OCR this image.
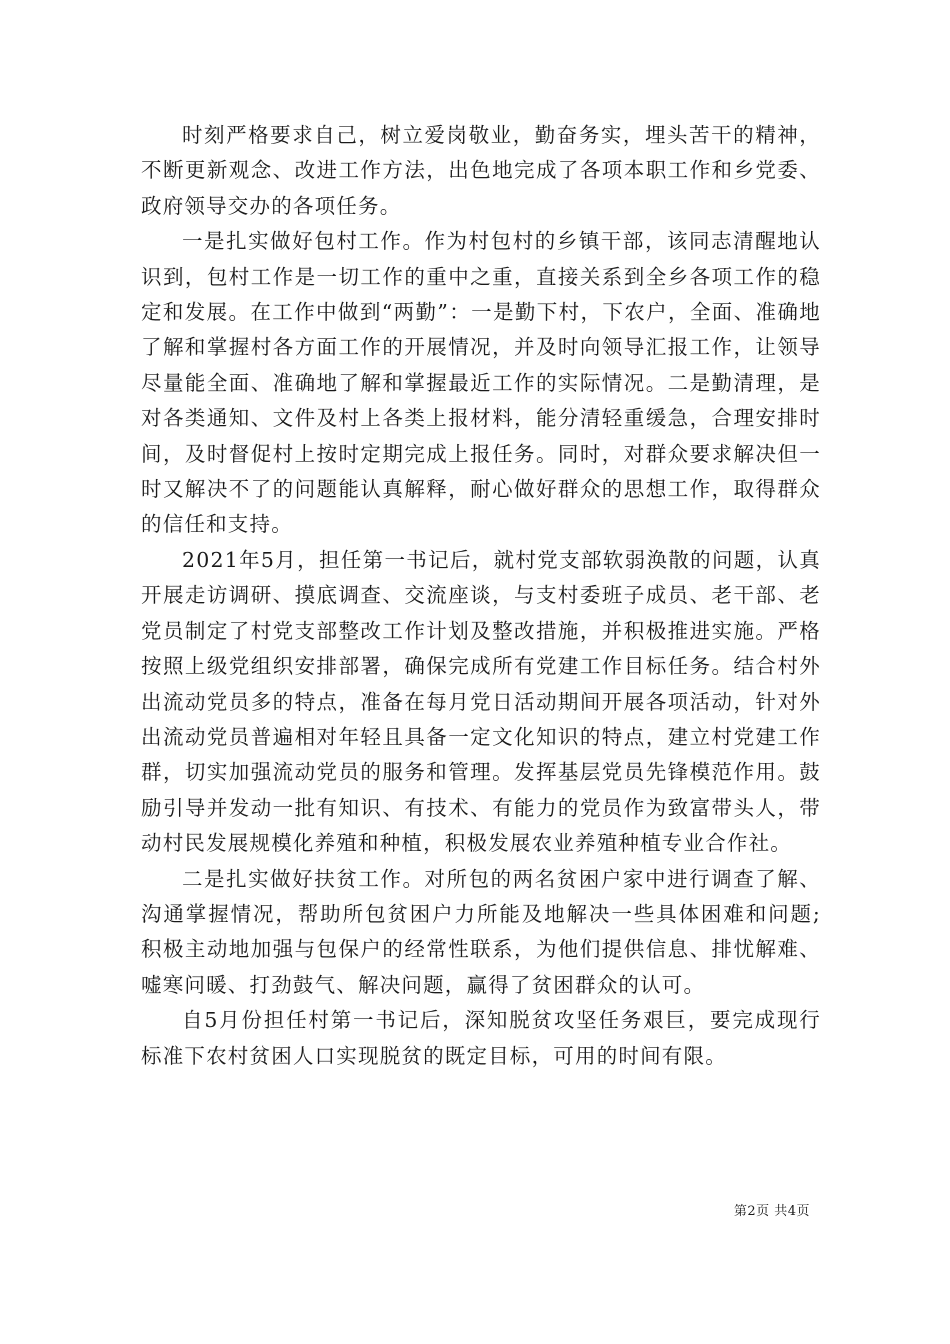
时刻严格要求自己，树立爱岗敬业，勤奋务实，埋头苦干的精神，不断更新观念、改进工作方法，出色地完成了各项本职工作和乡党委、政府领导交办的各项任务。

一是扎实做好包村工作。作为村包村的乡镇干部，该同志清醒地认识到，包村工作是一切工作的重中之重，直接关系到全乡各项工作的稳定和发展。在工作中做到“两勤”：一是勤下村，下农户，全面、准确地了解和掌握村各方面工作的开展情况，并及时向领导汇报工作，让领导尽量能全面、准确地了解和掌握最近工作的实际情况。二是勤清理，是对各类通知、文件及村上各类上报材料，能分清轻重缓急，合理安排时间，及时督促村上按时定期完成上报任务。同时，对群众要求解决但一时又解决不了的问题能认真解释，耐心做好群众的思想工作，取得群众的信任和支持。

2021年5月，担任第一书记后，就村党支部软弱涣散的问题，认真开展走访调研、摸底调查、交流座谈，与支村委班子成员、老干部、老党员制定了村党支部整改工作计划及整改措施，并积极推进实施。严格按照上级党组织安排部署，确保完成所有党建工作目标任务。结合村外出流动党员多的特点，准备在每月党日活动期间开展各项活动，针对外出流动党员普遍相对年轻且具备一定文化知识的特点，建立村党建工作群，切实加强流动党员的服务和管理。发挥基层党员先锋模范作用。鼓励引导并发动一批有知识、有技术、有能力的党员作为致富带头人，带动村民发展规模化养殖和种植，积极发展农业养殖种植专业合作社。

二是扎实做好扶贫工作。对所包的两名贫困户家中进行调查了解、沟通掌握情况，帮助所包贫困户力所能及地解决一些具体困难和问题;积极主动地加强与包保户的经常性联系，为他们提供信息、排忧解难、嘘寒问暖、打劲鼓气、解决问题，赢得了贫困群众的认可。

自5月份担任村第一书记后，深知脱贫攻坚任务艰巨，要完成现行标准下农村贫困人口实现脱贫的既定目标，可用的时间有限。

第2页 共4页
